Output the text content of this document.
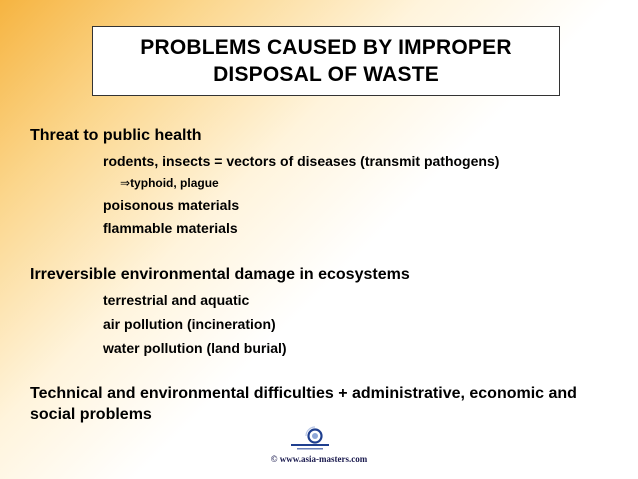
PROBLEMS CAUSED BY IMPROPER
DISPOSAL OF WASTE
Threat to public health
rodents, insects = vectors of diseases (transmit pathogens)
⇒typhoid, plague
poisonous materials
flammable materials
Irreversible environmental damage in ecosystems
terrestrial and aquatic
air pollution (incineration)
water pollution (land burial)
Technical and environmental difficulties + administrative, economic and social problems
© www.asia-masters.com
